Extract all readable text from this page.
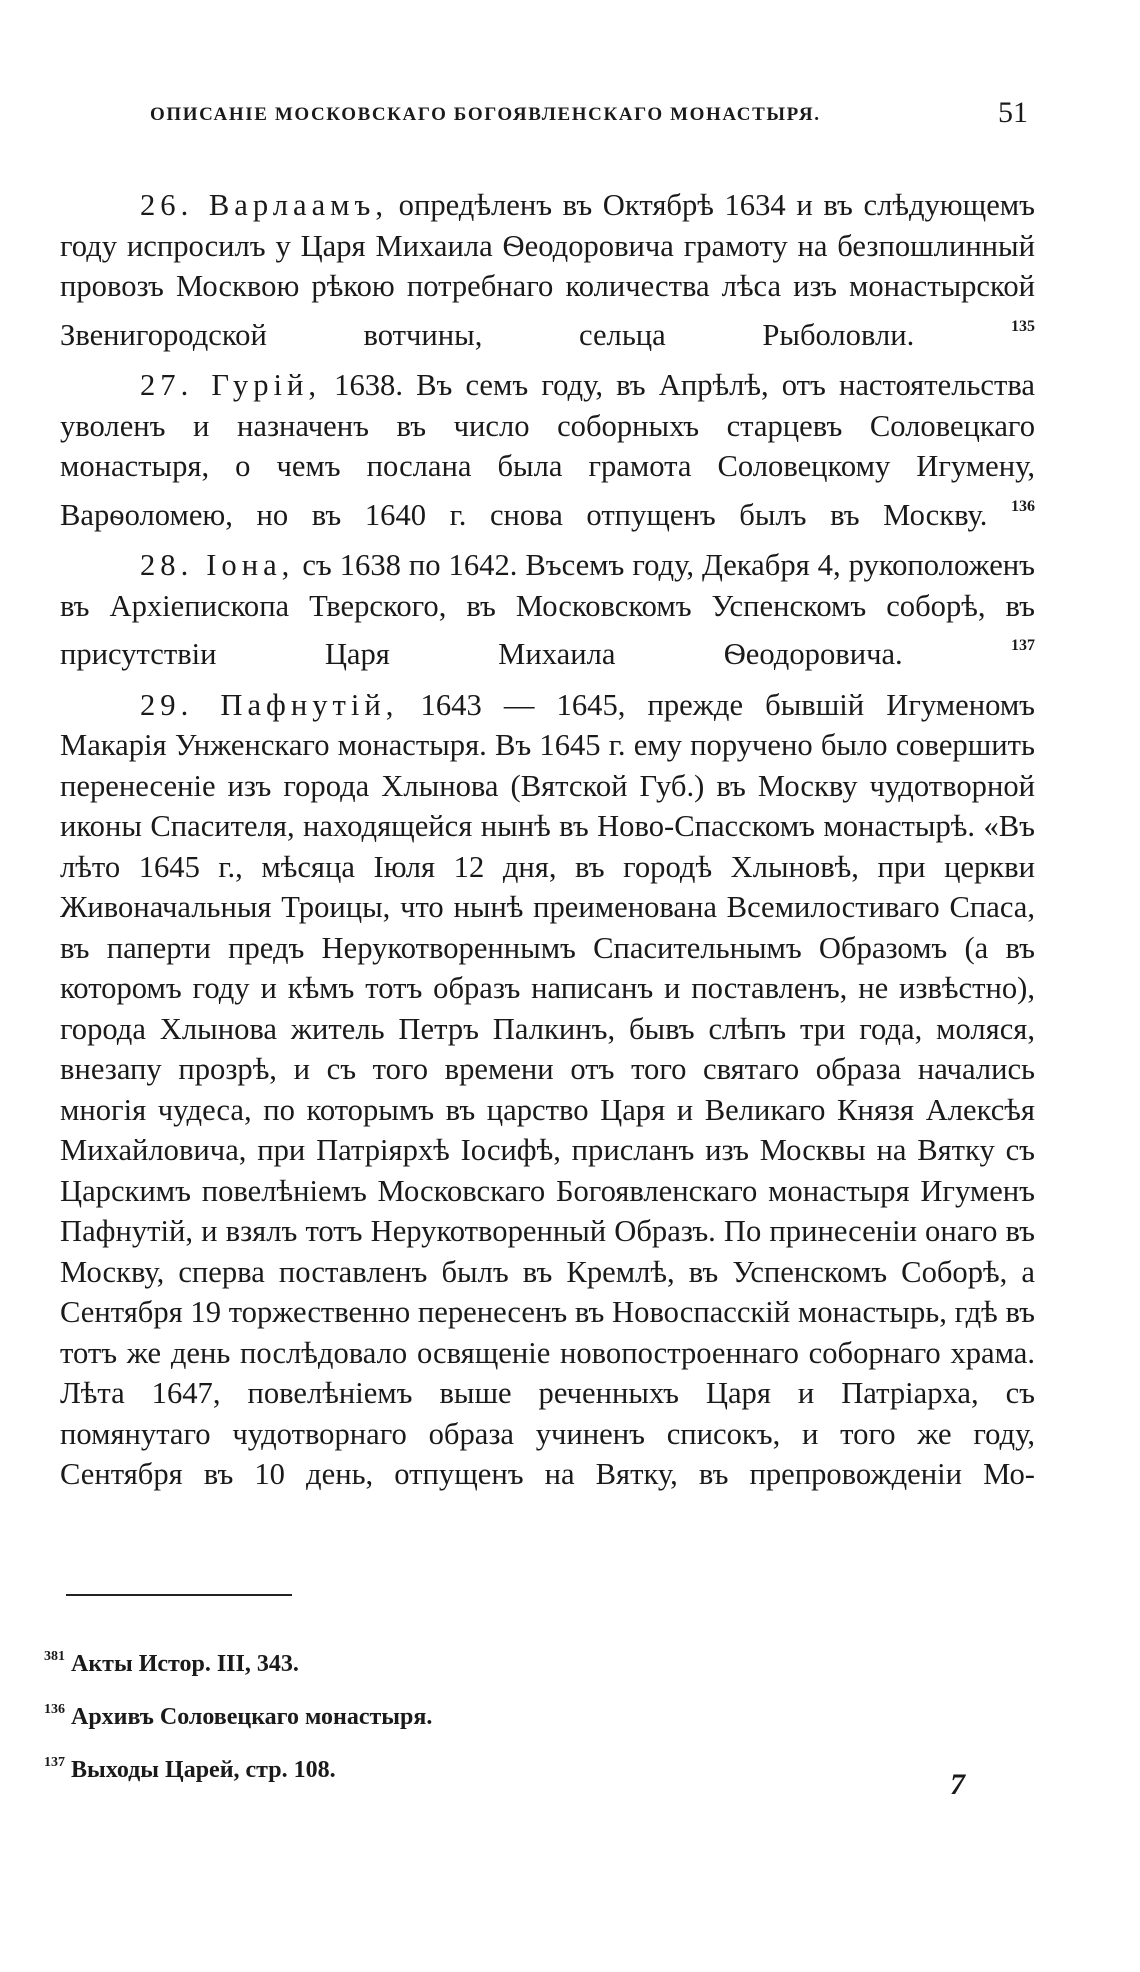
ОПИСАНІЕ МОСКОВСКАГО БОГОЯВЛЕНСКАГО МОНАСТЫРЯ.	51

26. Варлаамъ, опредѣленъ въ Октябрѣ 1634 и въ слѣдующемъ году испросилъ у Царя Михаила Ѳеодоровича грамоту на безпошлинный провозъ Москвою рѣкою потребнаго количества лѣса изъ монастырской Звенигородской вотчины, сельца Рыболовли.	$^{135}$

27. Гурій, 1638. Въ семъ году, въ Апрѣлѣ, отъ настоятельства уволенъ и назначенъ въ число соборныхъ старцевъ Соловецкаго монастыря, о чемъ послана была грамота Соловецкому Игумену, Варѳоломею, но въ 1640 г. снова отпущенъ былъ въ Москву. $^{136}$

28. Іона, съ 1638 по 1642. Въсемъ году, Декабря 4, рукоположенъ въ Архіепископа Тверского, въ Московскомъ Успенскомъ соборѣ, въ присутствіи Царя Михаила Ѳеодоровича.	$^{137}$

29. Пафнутій, 1643 — 1645, прежде бывшій Игуменомъ Макарія Унженскаго монастыря. Въ 1645 г. ему поручено было совершить перенесеніе изъ города Хлынова (Вятской Губ.) въ Москву чудотворной иконы Спасителя, находящейся нынѣ въ Ново-Спасскомъ монастырѣ. «Въ лѣто 1645 г., мѣсяца Іюля 12 дня, въ городѣ Хлыновѣ, при церкви Живоначальныя Троицы, что нынѣ преименована Всемилостиваго Спаса, въ паперти предъ Нерукотвореннымъ Спасительнымъ Образомъ (а въ которомъ году и кѣмъ тотъ образъ написанъ и поставленъ, не извѣстно), города Хлынова житель Петръ Палкинъ, бывъ слѣпъ три года, моляся, внезапу прозрѣ, и съ того времени отъ того святаго образа начались многія чудеса, по которымъ въ царство Царя и Великаго Князя Алексѣя Михайловича, при Патріярхѣ Іосифѣ, присланъ изъ Москвы на Вятку съ Царскимъ повелѣніемъ Московскаго Богоявленскаго монастыря Игуменъ Пафнутій, и взялъ тотъ Нерукотворенный Образъ. По принесеніи онаго въ Москву, сперва поставленъ былъ въ Кремлѣ, въ Успенскомъ Соборѣ, а Сентября 19 торжественно перенесенъ въ Новоспасскій монастырь, гдѣ въ тотъ же день послѣдовало освященіе новопостроеннаго соборнаго храма. Лѣта 1647, повелѣніемъ выше реченныхъ Царя и Патріарха, съ помянутаго чудотворнаго образа учиненъ списокъ, и того же году, Сентября въ 10 день, отпущенъ на Вятку, въ препровожденіи Мо-

$^{381}$ Акты Истор. III, 343.
$^{136}$ Архивъ Соловецкаго монастыря.
$^{137}$ Выходы Царей, стр. 108.	7
